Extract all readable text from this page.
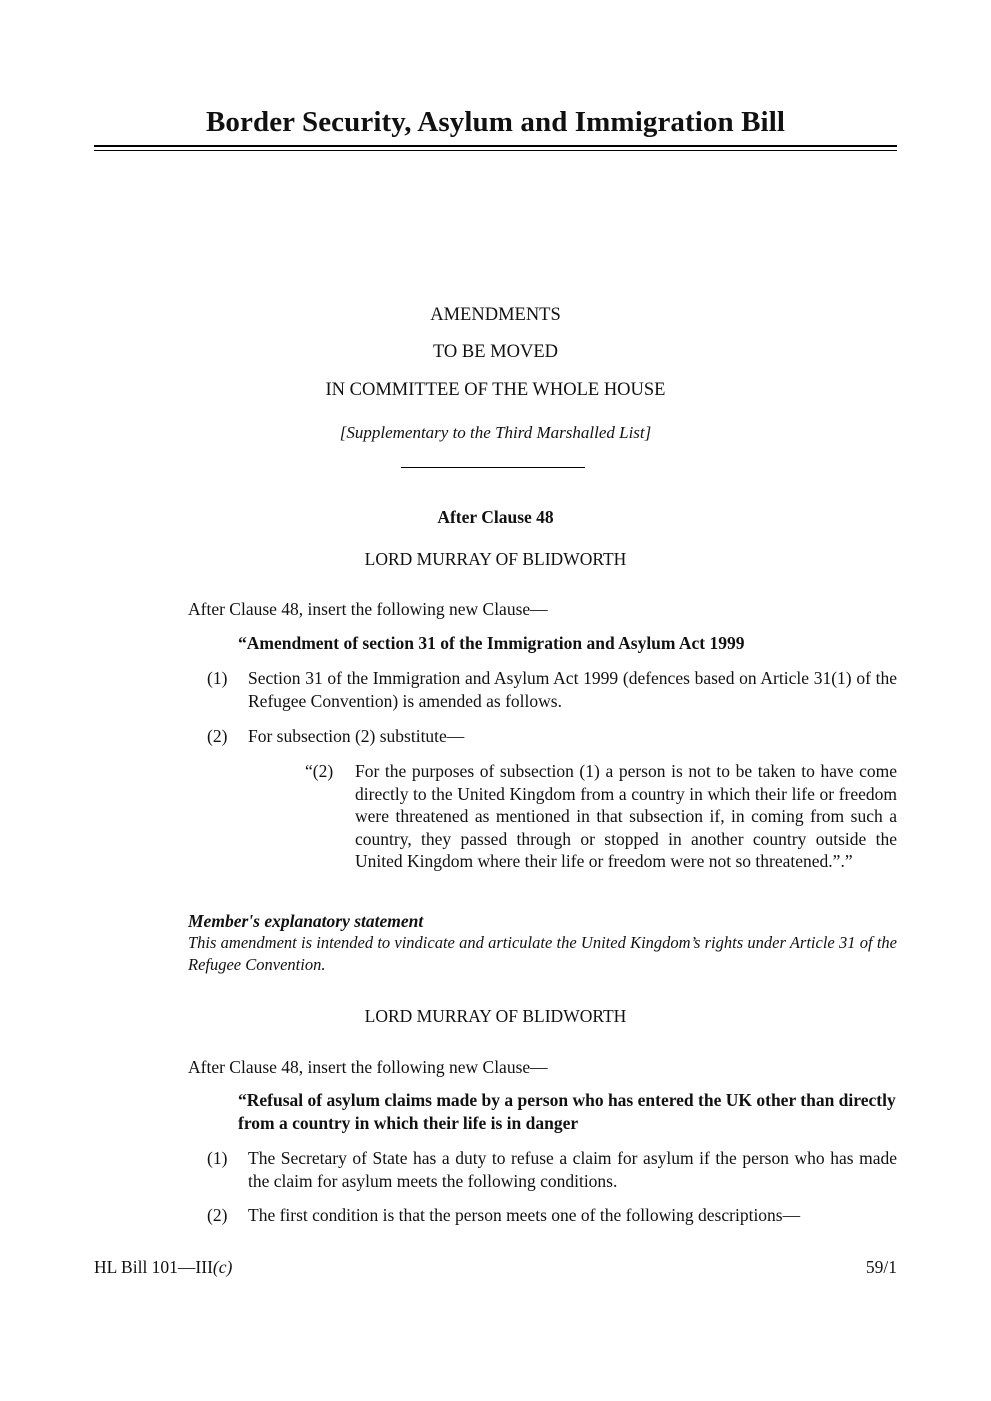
Border Security, Asylum and Immigration Bill
AMENDMENTS
TO BE MOVED
IN COMMITTEE OF THE WHOLE HOUSE
[Supplementary to the Third Marshalled List]
After Clause 48
LORD MURRAY OF BLIDWORTH
After Clause 48, insert the following new Clause—
“Amendment of section 31 of the Immigration and Asylum Act 1999
(1) Section 31 of the Immigration and Asylum Act 1999 (defences based on Article 31(1) of the Refugee Convention) is amended as follows.
(2) For subsection (2) substitute—
“(2) For the purposes of subsection (1) a person is not to be taken to have come directly to the United Kingdom from a country in which their life or freedom were threatened as mentioned in that subsection if, in coming from such a country, they passed through or stopped in another country outside the United Kingdom where their life or freedom were not so threatened.”.”
Member's explanatory statement
This amendment is intended to vindicate and articulate the United Kingdom’s rights under Article 31 of the Refugee Convention.
LORD MURRAY OF BLIDWORTH
After Clause 48, insert the following new Clause—
“Refusal of asylum claims made by a person who has entered the UK other than directly from a country in which their life is in danger
(1) The Secretary of State has a duty to refuse a claim for asylum if the person who has made the claim for asylum meets the following conditions.
(2) The first condition is that the person meets one of the following descriptions—
HL Bill 101—III(c)	59/1
